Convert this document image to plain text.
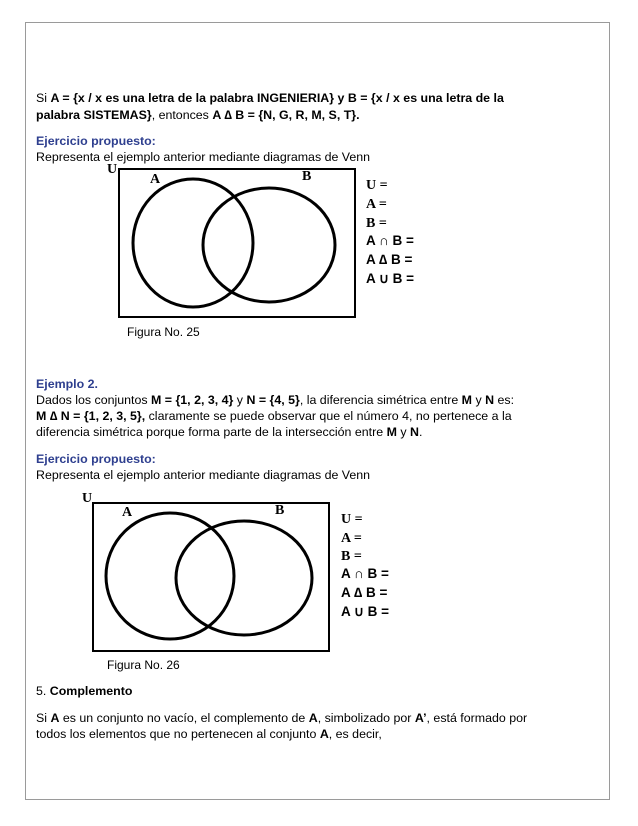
Si A = {x / x es una letra de la palabra INGENIERIA} y B = {x / x es una letra de la
palabra SISTEMAS}, entonces A ∆ B = {N, G, R, M, S, T}.
Ejercicio propuesto:
Representa el ejemplo anterior mediante diagramas de Venn
U
A	B
U =
A =
B =
A ∩ B =
A ∆ B =
A ∪ B =
Figura No. 25
Ejemplo 2.
Dados los conjuntos M = {1, 2, 3, 4} y N = {4, 5}, la diferencia simétrica entre M y N es:
M ∆ N = {1, 2, 3, 5}, claramente se puede observar que el número 4, no pertenece a la
diferencia simétrica porque forma parte de la intersección entre M y N.
Ejercicio propuesto:
Representa el ejemplo anterior mediante diagramas de Venn
U
A	B
U =
A =
B =
A ∩ B =
A ∆ B =
A ∪ B =
Figura No. 26
5. Complemento
Si A es un conjunto no vacío, el complemento de A, simbolizado por A’, está formado por
todos los elementos que no pertenecen al conjunto A, es decir,
